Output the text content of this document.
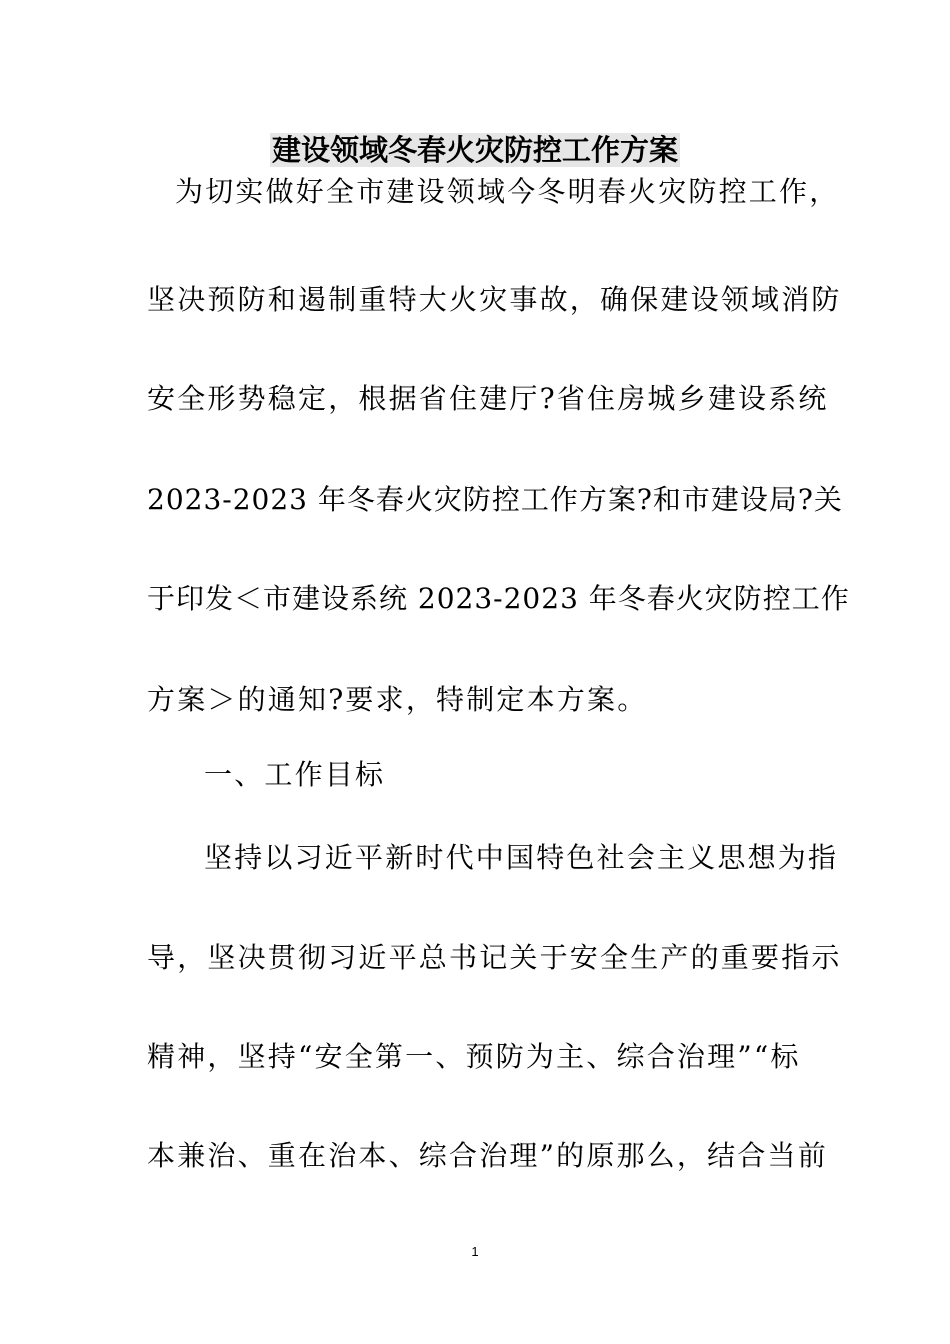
建设领域冬春火灾防控工作方案
为切实做好全市建设领域今冬明春火灾防控工作，
坚决预防和遏制重特大火灾事故，确保建设领域消防
安全形势稳定，根据省住建厅?省住房城乡建设系统
2023-2023 年冬春火灾防控工作方案?和市建设局?关
于印发＜市建设系统 2023-2023 年冬春火灾防控工作
方案＞的通知?要求，特制定本方案。
一、工作目标
坚持以习近平新时代中国特色社会主义思想为指
导，坚决贯彻习近平总书记关于安全生产的重要指示
精神，坚持“安全第一、预防为主、综合治理”“标
本兼治、重在治本、综合治理”的原那么，结合当前
1
